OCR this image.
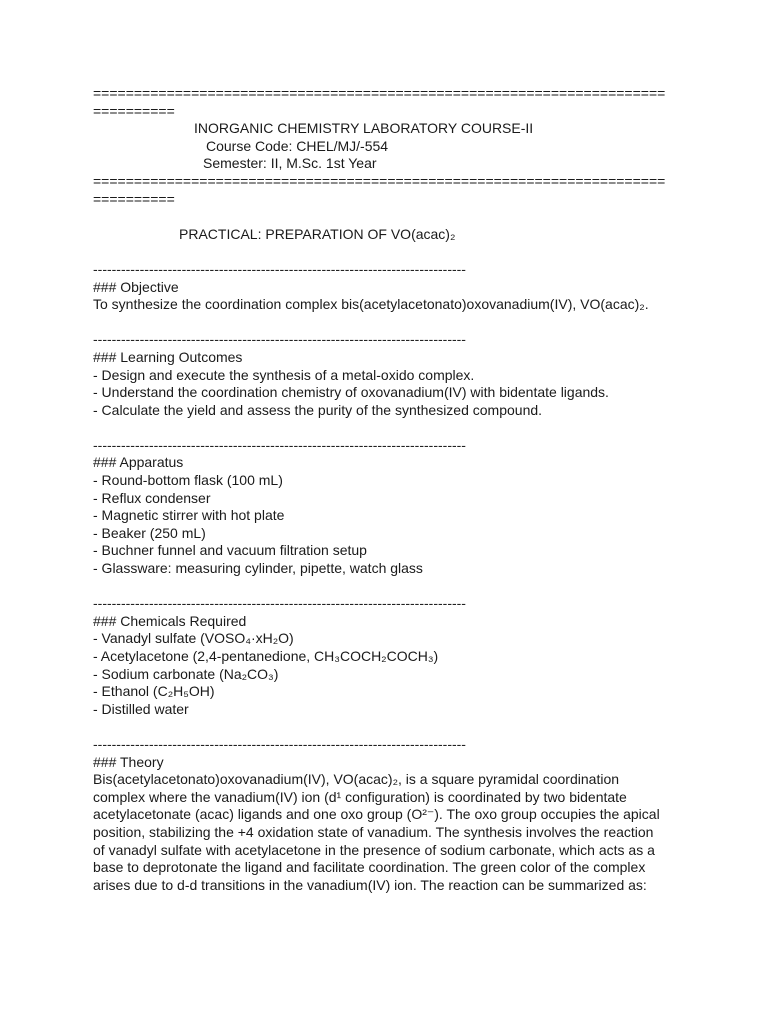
======================================================================
==========
INORGANIC CHEMISTRY LABORATORY COURSE-II
Course Code: CHEL/MJ/-554
Semester: II, M.Sc. 1st Year
======================================================================
==========
PRACTICAL: PREPARATION OF VO(acac)₂
--------------------------------------------------------------------------------
### Objective
To synthesize the coordination complex bis(acetylacetonato)oxovanadium(IV), VO(acac)₂.
--------------------------------------------------------------------------------
### Learning Outcomes
- Design and execute the synthesis of a metal-oxido complex.
- Understand the coordination chemistry of oxovanadium(IV) with bidentate ligands.
- Calculate the yield and assess the purity of the synthesized compound.
--------------------------------------------------------------------------------
### Apparatus
- Round-bottom flask (100 mL)
- Reflux condenser
- Magnetic stirrer with hot plate
- Beaker (250 mL)
- Buchner funnel and vacuum filtration setup
- Glassware: measuring cylinder, pipette, watch glass
--------------------------------------------------------------------------------
### Chemicals Required
- Vanadyl sulfate (VOSO₄·xH₂O)
- Acetylacetone (2,4-pentanedione, CH₃COCH₂COCH₃)
- Sodium carbonate (Na₂CO₃)
- Ethanol (C₂H₅OH)
- Distilled water
--------------------------------------------------------------------------------
### Theory
Bis(acetylacetonato)oxovanadium(IV), VO(acac)₂, is a square pyramidal coordination
complex where the vanadium(IV) ion (d¹ configuration) is coordinated by two bidentate
acetylacetonate (acac) ligands and one oxo group (O²⁻). The oxo group occupies the apical
position, stabilizing the +4 oxidation state of vanadium. The synthesis involves the reaction
of vanadyl sulfate with acetylacetone in the presence of sodium carbonate, which acts as a
base to deprotonate the ligand and facilitate coordination. The green color of the complex
arises due to d-d transitions in the vanadium(IV) ion. The reaction can be summarized as:
